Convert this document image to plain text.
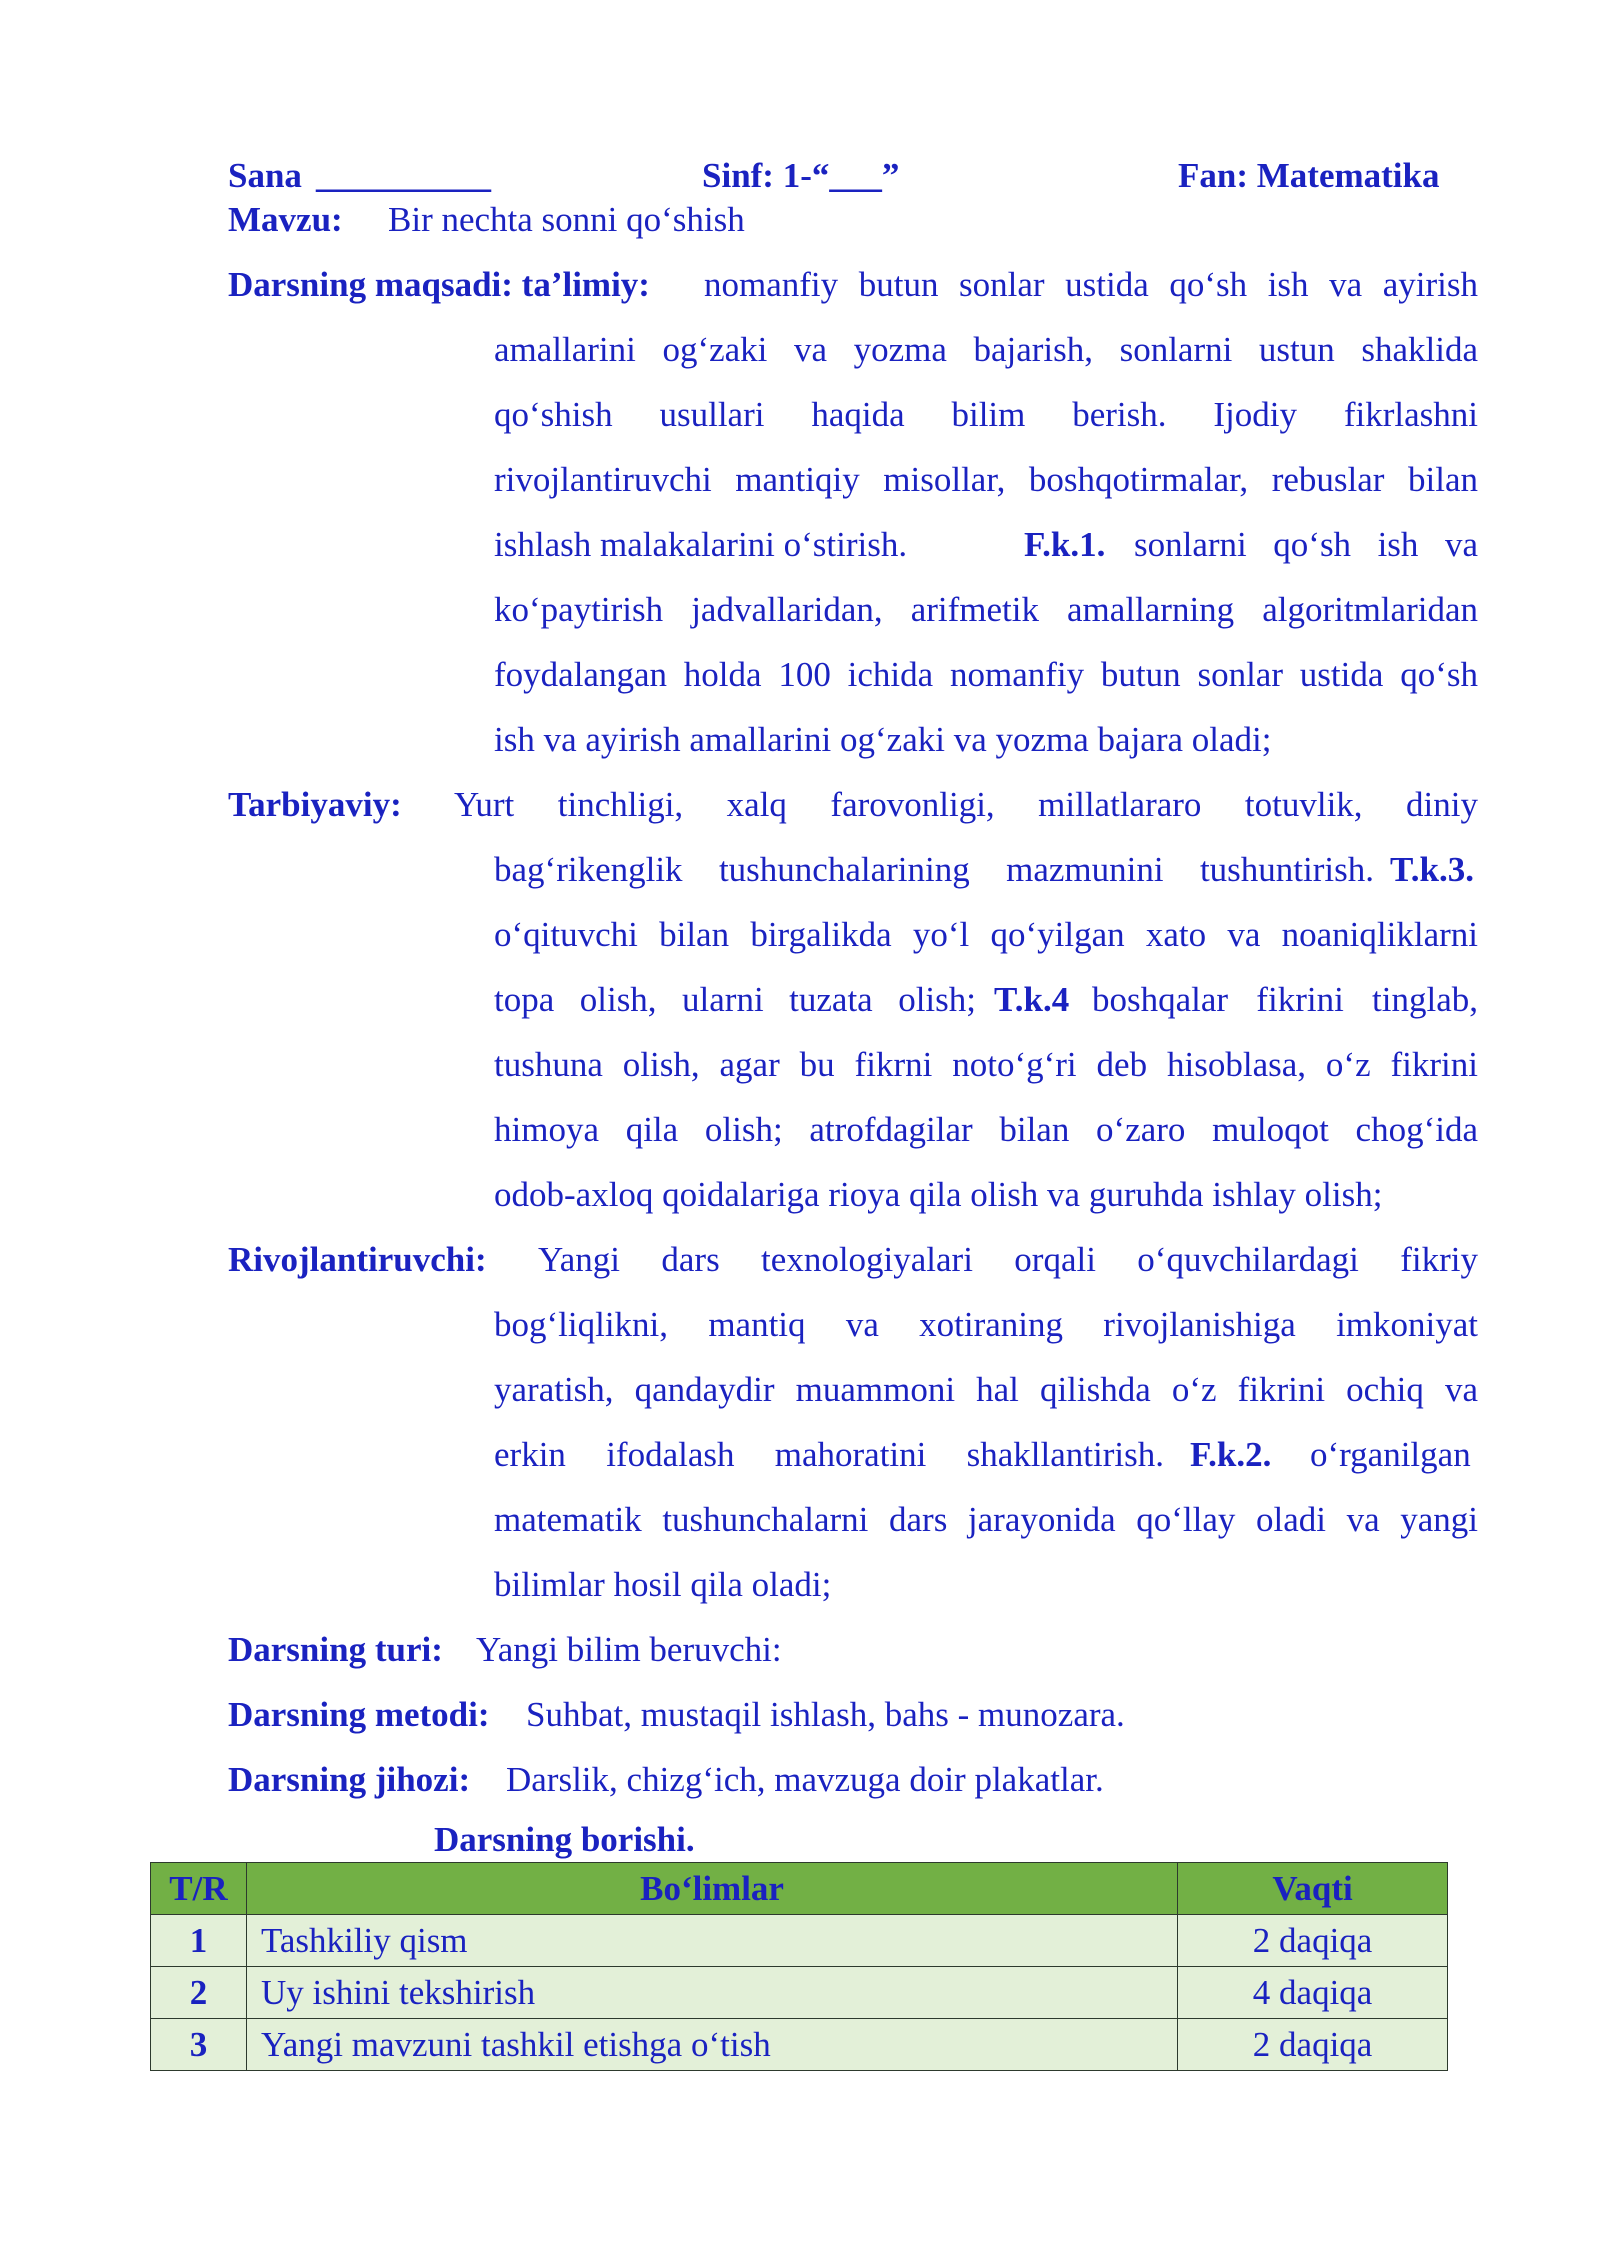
Sana __________	Sinf: 1-“___”	Fan: Matematika
Mavzu: Bir nechta sonni qo‘shish
Darsning maqsadi: ta’limiy: nomanfiy butun sonlar ustida qo‘sh ish va ayirish
amallarini og‘zaki va yozma bajarish, sonlarni ustun shaklida
qo‘shish usullari haqida bilim berish. Ijodiy fikrlashni
rivojlantiruvchi mantiqiy misollar, boshqotirmalar, rebuslar bilan
ishlash malakalarini o‘stirish.	F.k.1. sonlarni qo‘sh ish va
ko‘paytirish jadvallaridan, arifmetik amallarning algoritmlaridan
foydalangan holda 100 ichida nomanfiy butun sonlar ustida qo‘sh
ish va ayirish amallarini og‘zaki va yozma bajara oladi;
Tarbiyaviy: Yurt tinchligi, xalq farovonligi, millatlararo totuvlik, diniy
bag‘rikenglik tushunchalarining mazmunini tushuntirish. T.k.3.
o‘qituvchi bilan birgalikda yo‘l qo‘yilgan xato va noaniqliklarni
topa olish, ularni tuzata olish; T.k.4 boshqalar fikrini tinglab,
tushuna olish, agar bu fikrni noto‘g‘ri deb hisoblasa, o‘z fikrini
himoya qila olish; atrofdagilar bilan o‘zaro muloqot chog‘ida
odob-axloq qoidalariga rioya qila olish va guruhda ishlay olish;
Rivojlantiruvchi: Yangi dars texnologiyalari orqali o‘quvchilardagi fikriy
bog‘liqlikni, mantiq va xotiraning rivojlanishiga imkoniyat
yaratish, qandaydir muammoni hal qilishda o‘z fikrini ochiq va
erkin ifodalash mahoratini shakllantirish. F.k.2. o‘rganilgan
matematik tushunchalarni dars jarayonida qo‘llay oladi va yangi
bilimlar hosil qila oladi;
Darsning turi: Yangi bilim beruvchi:
Darsning metodi: Suhbat, mustaqil ishlash, bahs - munozara.
Darsning jihozi: Darslik, chizg‘ich, mavzuga doir plakatlar.
Darsning borishi.
T/R	Bo‘limlar	Vaqti
1	Tashkiliy qism	2 daqiqa
2	Uy ishini tekshirish	4 daqiqa
3	Yangi mavzuni tashkil etishga o‘tish	2 daqiqa
